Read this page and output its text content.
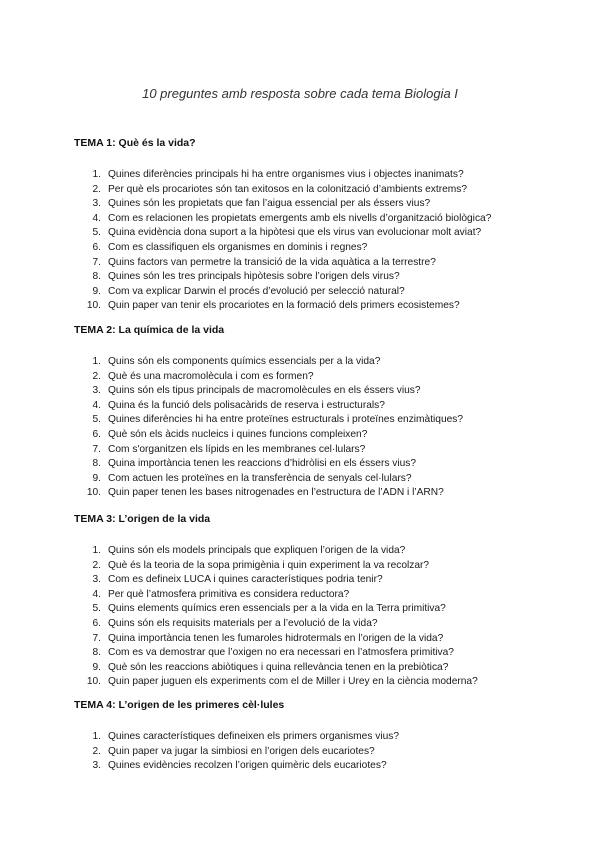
10 preguntes amb resposta sobre cada tema Biologia I
TEMA 1: Què és la vida?
1. Quines diferències principals hi ha entre organismes vius i objectes inanimats?
2. Per què els procariotes són tan exitosos en la colonització d’ambients extrems?
3. Quines són les propietats que fan l’aigua essencial per als éssers vius?
4. Com es relacionen les propietats emergents amb els nivells d’organització biològica?
5. Quina evidència dona suport a la hipòtesi que els virus van evolucionar molt aviat?
6. Com es classifiquen els organismes en dominis i regnes?
7. Quins factors van permetre la transició de la vida aquàtica a la terrestre?
8. Quines són les tres principals hipòtesis sobre l’origen dels virus?
9. Com va explicar Darwin el procés d’evolució per selecció natural?
10. Quin paper van tenir els procariotes en la formació dels primers ecosistemes?
TEMA 2: La química de la vida
1. Quins són els components químics essencials per a la vida?
2. Què és una macromolècula i com es formen?
3. Quins són els tipus principals de macromolècules en els éssers vius?
4. Quina és la funció dels polisacàrids de reserva i estructurals?
5. Quines diferències hi ha entre proteïnes estructurals i proteïnes enzimàtiques?
6. Què són els àcids nucleics i quines funcions compleixen?
7. Com s'organitzen els lípids en les membranes cel·lulars?
8. Quina importància tenen les reaccions d’hidròlisi en els éssers vius?
9. Com actuen les proteïnes en la transferència de senyals cel·lulars?
10. Quin paper tenen les bases nitrogenades en l’estructura de l’ADN i l’ARN?
TEMA 3: L’origen de la vida
1. Quins són els models principals que expliquen l’origen de la vida?
2. Què és la teoria de la sopa primigènia i quin experiment la va recolzar?
3. Com es defineix LUCA i quines característiques podria tenir?
4. Per què l’atmosfera primitiva es considera reductora?
5. Quins elements químics eren essencials per a la vida en la Terra primitiva?
6. Quins són els requisits materials per a l’evolució de la vida?
7. Quina importància tenen les fumaroles hidrotermals en l’origen de la vida?
8. Com es va demostrar que l’oxigen no era necessari en l’atmosfera primitiva?
9. Què són les reaccions abiòtiques i quina rellevància tenen en la prebiòtica?
10. Quin paper juguen els experiments com el de Miller i Urey en la ciència moderna?
TEMA 4: L’origen de les primeres cèl·lules
1. Quines característiques defineixen els primers organismes vius?
2. Quin paper va jugar la simbiosi en l’origen dels eucariotes?
3. Quines evidències recolzen l’origen quimèric dels eucariotes?
